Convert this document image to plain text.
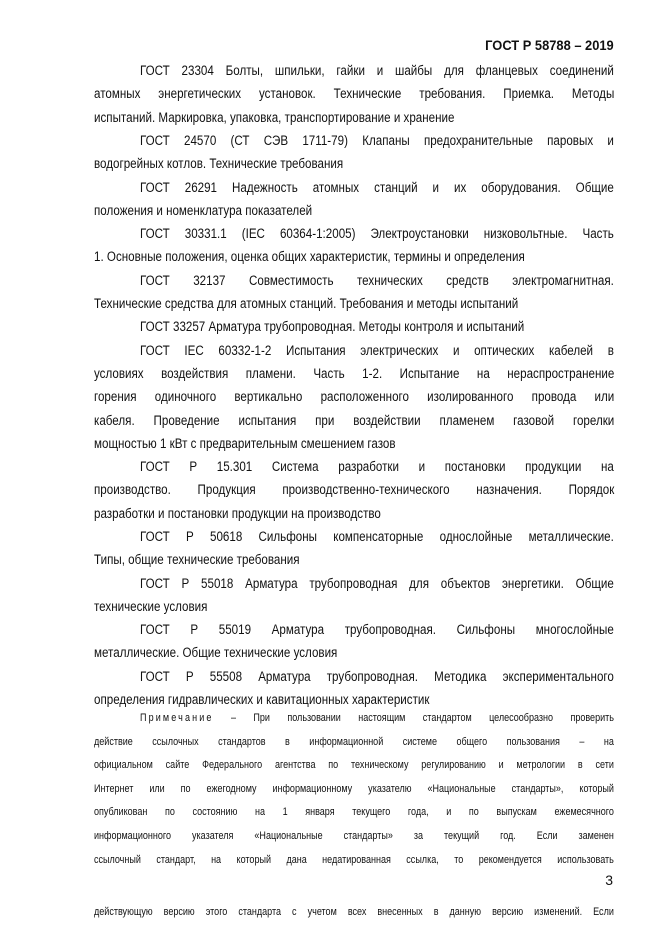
ГОСТ Р 58788 – 2019
ГОСТ 23304 Болты, шпильки, гайки и шайбы для фланцевых соединений
атомных энергетических установок. Технические требования. Приемка. Методы
испытаний. Маркировка, упаковка, транспортирование и хранение
ГОСТ 24570 (СТ СЭВ 1711-79) Клапаны предохранительные паровых и
водогрейных котлов. Технические требования
ГОСТ 26291 Надежность атомных станций и их оборудования. Общие
положения и номенклатура показателей
ГОСТ 30331.1 (IEC 60364-1:2005) Электроустановки низковольтные. Часть
1. Основные положения, оценка общих характеристик, термины и определения
ГОСТ 32137 Совместимость технических средств электромагнитная.
Технические средства для атомных станций. Требования и методы испытаний
ГОСТ 33257 Арматура трубопроводная. Методы контроля и испытаний
ГОСТ IEC 60332-1-2 Испытания электрических и оптических кабелей в
условиях воздействия пламени. Часть 1-2. Испытание на нераспространение
горения одиночного вертикально расположенного изолированного провода или
кабеля. Проведение испытания при воздействии пламенем газовой горелки
мощностью 1 кВт с предварительным смешением газов
ГОСТ Р 15.301 Система разработки и постановки продукции на
производство. Продукция производственно-технического назначения. Порядок
разработки и постановки продукции на производство
ГОСТ Р 50618 Сильфоны компенсаторные однослойные металлические.
Типы, общие технические требования
ГОСТ Р 55018 Арматура трубопроводная для объектов энергетики. Общие
технические условия
ГОСТ Р 55019 Арматура трубопроводная. Сильфоны многослойные
металлические. Общие технические условия
ГОСТ Р 55508 Арматура трубопроводная. Методика экспериментального
определения гидравлических и кавитационных характеристик
Примечание – При пользовании настоящим стандартом целесообразно проверить
действие ссылочных стандартов в информационной системе общего пользования – на
официальном сайте Федерального агентства по техническому регулированию и метрологии в сети
Интернет или по ежегодному информационному указателю «Национальные стандарты», который
опубликован по состоянию на 1 января текущего года, и по выпускам ежемесячного
информационного указателя «Национальные стандарты» за текущий год. Если заменен
ссылочный стандарт, на который дана недатированная ссылка, то рекомендуется использовать
действующую версию этого стандарта с учетом всех внесенных в данную версию изменений. Если
3
